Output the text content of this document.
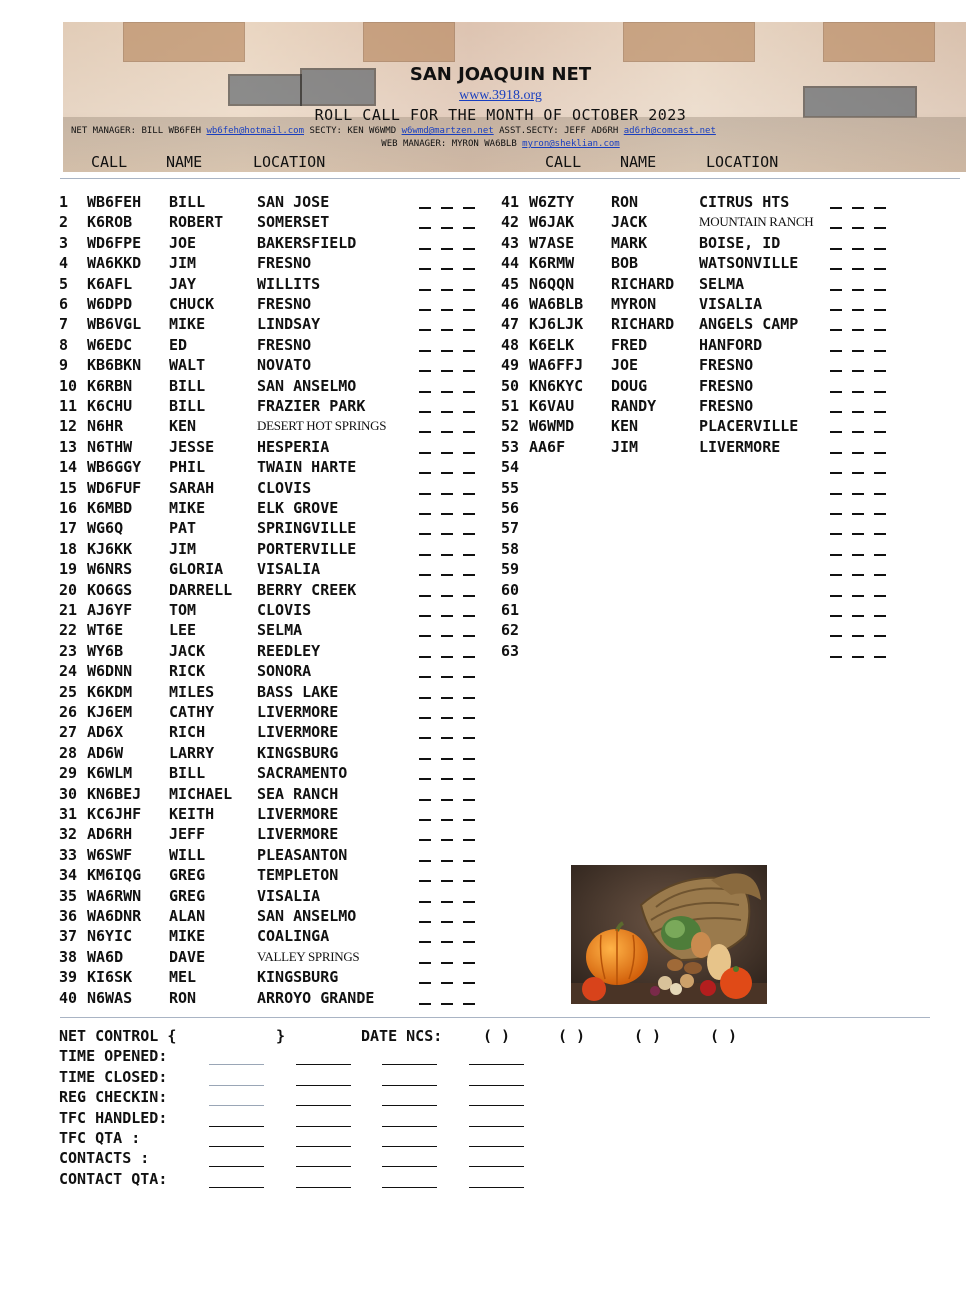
SAN JOAQUIN NET
www.3918.org
ROLL CALL FOR THE MONTH OF OCTOBER 2023
NET MANAGER: BILL WB6FEH wb6feh@hotmail.com SECTY: KEN W6WMD w6wmd@martzen.net ASST.SECTY: JEFF AD6RH ad6rh@comcast.net
WEB MANAGER: MYRON WA6BLB myron@sheklian.com
CALL	NAME	LOCATION	CALL	NAME	LOCATION
1 WB6FEH BILL	SAN JOSE
2 K6ROB ROBERT SOMERSET
3 WD6FPE JOE	BAKERSFIELD
4 WA6KKD JIM	FRESNO
5 K6AFL JAY	WILLITS
6 W6DPD CHUCK	FRESNO
7 WB6VGL MIKE	LINDSAY
8 W6EDC ED	FRESNO
9 KB6BKN WALT	NOVATO
10 K6RBN BILL	SAN ANSELMO
11 K6CHU BILL	FRAZIER PARK
12 N6HR	KEN	DESERT HOT SPRINGS
13 N6THW JESSE	HESPERIA
14 WB6GGY PHIL	TWAIN HARTE
15 WD6FUF SARAH	CLOVIS
16 K6MBD MIKE	ELK GROVE
17 WG6Q	PAT	SPRINGVILLE
18 KJ6KK JIM	PORTERVILLE
19 W6NRS GLORIA VISALIA
20 KO6GS DARRELL BERRY CREEK
21 AJ6YF TOM	CLOVIS
22 WT6E	LEE	SELMA
23 WY6B	JACK	REEDLEY
24 W6DNN RICK	SONORA
25 K6KDM MILES	BASS LAKE
26 KJ6EM CATHY	LIVERMORE
27 AD6X	RICH	LIVERMORE
28 AD6W	LARRY	KINGSBURG
29 K6WLM BILL	SACRAMENTO
30 KN6BEJ MICHAEL SEA RANCH
31 KC6JHF KEITH	LIVERMORE
32 AD6RH JEFF	LIVERMORE
33 W6SWF WILL	PLEASANTON
34 KM6IQG GREG	TEMPLETON
35 WA6RWN GREG	VISALIA
36 WA6DNR ALAN	SAN ANSELMO
37 N6YIC MIKE	COALINGA
38 WA6D	DAVE	VALLEY SPRINGS
39 KI6SK MEL	KINGSBURG
40 N6WAS RON	ARROYO GRANDE
41 W6ZTY RON	CITRUS HTS
42 W6JAK JACK	MOUNTAIN RANCH
43 W7ASE MARK	BOISE, ID
44 K6RMW BOB	WATSONVILLE
45 N6QQN RICHARD SELMA
46 WA6BLB MYRON	VISALIA
47 KJ6LJK RICHARD ANGELS CAMP
48 K6ELK FRED	HANFORD
49 WA6FFJ JOE	FRESNO
50 KN6KYC DOUG	FRESNO
51 K6VAU RANDY	FRESNO
52 W6WMD KEN	PLACERVILLE
53 AA6F	JIM	LIVERMORE
54
55
56
57
58
59
60
61
62
63
NET CONTROL {	}	DATE NCS:	( )	( )	( )	( )
TIME OPENED:
TIME CLOSED:
REG CHECKIN:
TFC HANDLED:
TFC QTA :
CONTACTS :
CONTACT QTA:
